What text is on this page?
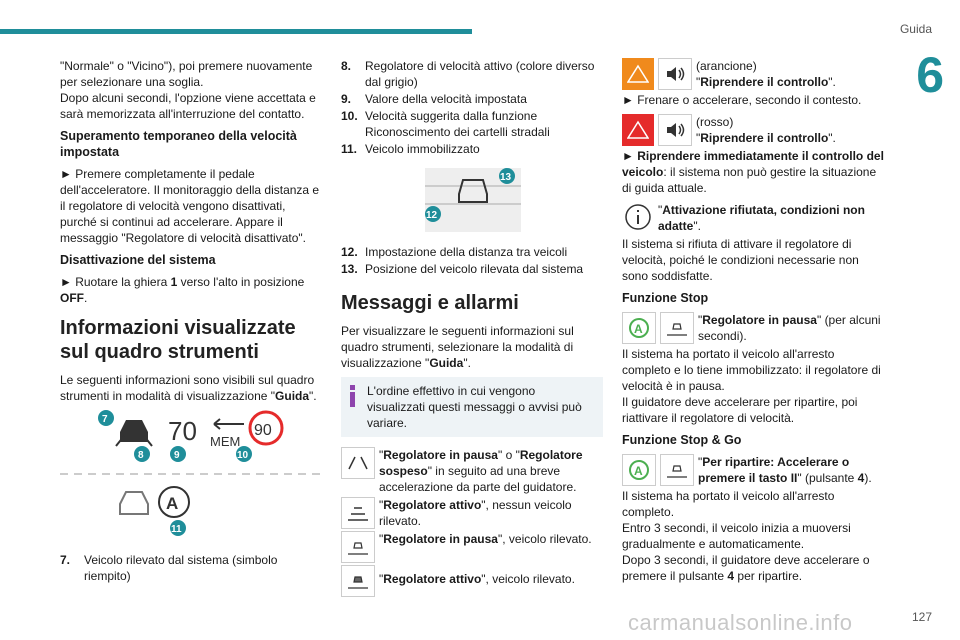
Guida
6
127
carmanualsonline.info

"Normale" o "Vicino"), poi premere nuovamente per selezionare una soglia.

Dopo alcuni secondi, l'opzione viene accettata e sarà memorizzata all'interruzione del contatto.

Superamento temporaneo della velocità impostata

► Premere completamente il pedale dell'acceleratore. Il monitoraggio della distanza e il regolatore di velocità vengono disattivati, purché si continui ad accelerare. Appare il messaggio "Regolatore di velocità disattivato".

Disattivazione del sistema

► Ruotare la ghiera 1 verso l'alto in posizione OFF.

Informazioni visualizzate sul quadro strumenti

Le seguenti informazioni sono visibili sul quadro strumenti in modalità di visualizzazione "Guida".

70 MEM
90
7
8	9	10
A
11
7.	Veicolo rilevato dal sistema (simbolo riempito)
8.	Regolatore di velocità attivo (colore diverso dal grigio)
9.	Valore della velocità impostata
10. Velocità suggerita dalla funzione Riconoscimento dei cartelli stradali
11. Veicolo immobilizzato
13
12
12. Impostazione della distanza tra veicoli
13. Posizione del veicolo rilevata dal sistema
Messaggi e allarmi

Per visualizzare le seguenti informazioni sul quadro strumenti, selezionare la modalità di visualizzazione "Guida".

L'ordine effettivo in cui vengono visualizzati questi messaggi o avvisi può variare.
"Regolatore in pausa" o "Regolatore sospeso" in seguito ad una breve accelerazione da parte del guidatore.
"Regolatore attivo", nessun veicolo rilevato.
"Regolatore in pausa", veicolo rilevato.
"Regolatore attivo", veicolo rilevato.
(arancione)
"Riprendere il controllo".

► Frenare o accelerare, secondo il contesto.

(rosso)
"Riprendere il controllo".

► Riprendere immediatamente il controllo del veicolo: il sistema non può gestire la situazione di guida attuale.

"Attivazione rifiutata, condizioni non adatte".

Il sistema si rifiuta di attivare il regolatore di velocità, poiché le condizioni necessarie non sono soddisfatte.

Funzione Stop
A
"Regolatore in pausa" (per alcuni secondi).

Il sistema ha portato il veicolo all'arresto completo e lo tiene immobilizzato: il regolatore di velocità è in pausa.

Il guidatore deve accelerare per ripartire, poi riattivare il regolatore di velocità.

Funzione Stop & Go
A
"Per ripartire: Accelerare o premere il tasto II" (pulsante 4).

Il sistema ha portato il veicolo all'arresto completo.

Entro 3 secondi, il veicolo inizia a muoversi gradualmente e automaticamente.

Dopo 3 secondi, il guidatore deve accelerare o premere il pulsante 4 per ripartire.
